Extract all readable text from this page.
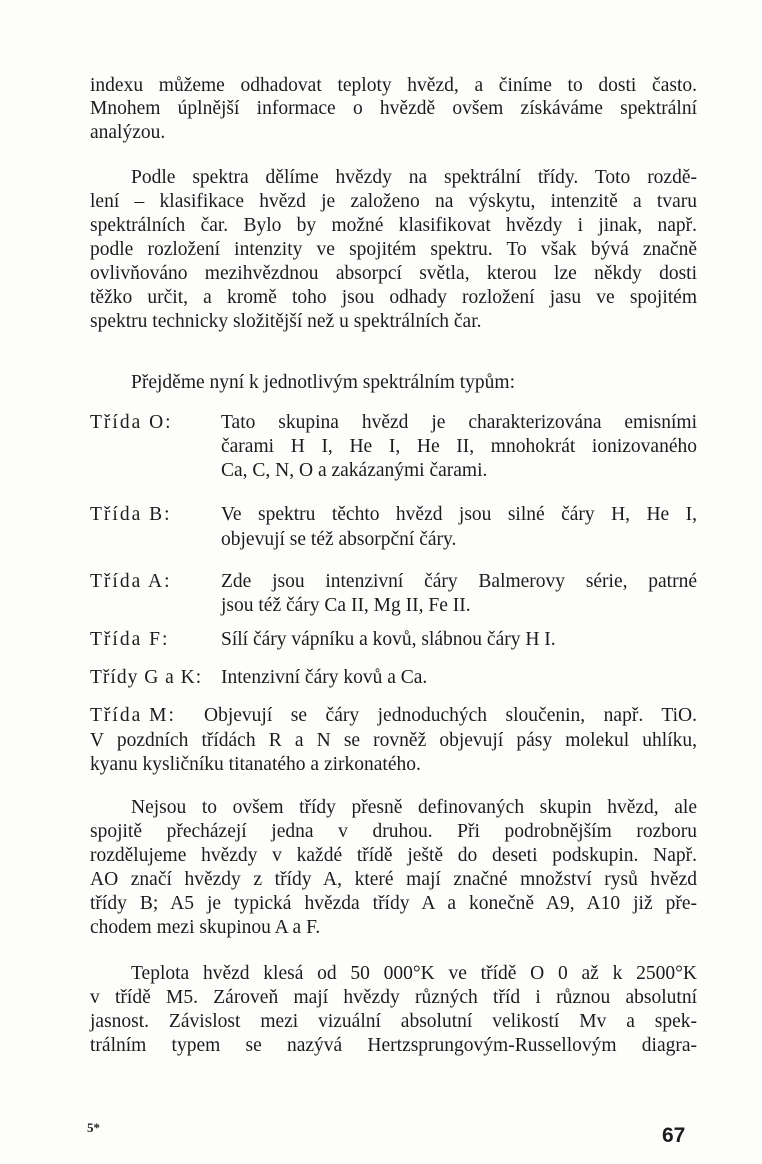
indexu můžeme odhadovat teploty hvězd, a činíme to dosti často.
Mnohem úplnější informace o hvězdě ovšem získáváme spektrální
analýzou.
Podle spektra dělíme hvězdy na spektrální třídy. Toto rozdě-
lení – klasifikace hvězd je založeno na výskytu, intenzitě a tvaru
spektrálních čar. Bylo by možné klasifikovat hvězdy i jinak, např.
podle rozložení intenzity ve spojitém spektru. To však bývá značně
ovlivňováno mezihvězdnou absorpcí světla, kterou lze někdy dosti
těžko určit, a kromě toho jsou odhady rozložení jasu ve spojitém
spektru technicky složitější než u spektrálních čar.
Přejděme nyní k jednotlivým spektrálním typům:
Třída O: Tato skupina hvězd je charakterizována emisními
čarami H I, He I, He II, mnohokrát ionizovaného
Ca, C, N, O a zakázanými čarami.
Třída B:	Ve spektru těchto hvězd jsou silné čáry H, He I,
objevují se též absorpční čáry.
Třída A:	Zde jsou intenzivní čáry Balmerovy série, patrné
jsou též čáry Ca II, Mg II, Fe II.
Třída F:	Sílí čáry vápníku a kovů, slábnou čáry H I.
Třídy G a K: Intenzivní čáry kovů a Ca.
Třída M: Objevují se čáry jednoduchých sloučenin, např. TiO.
V pozdních třídách R a N se rovněž objevují pásy molekul uhlíku,
kyanu kysličníku titanatého a zirkonatého.
Nejsou to ovšem třídy přesně definovaných skupin hvězd, ale
spojitě přecházejí jedna v druhou. Při podrobnějším rozboru
rozdělujeme hvězdy v každé třídě ještě do deseti podskupin. Např.
AO značí hvězdy z třídy A, které mají značné množství rysů hvězd
třídy B; A5 je typická hvězda třídy A a konečně A9, A10 již pře-
chodem mezi skupinou A a F.
Teplota hvězd klesá od 50 000°K ve třídě O 0 až k 2500°K
v třídě M5. Zároveň mají hvězdy různých tříd i různou absolutní
jasnost. Závislost mezi vizuální absolutní velikostí Mv a spek-
trálním typem se nazývá Hertzsprungovým-Russellovým diagra-
5*	67
